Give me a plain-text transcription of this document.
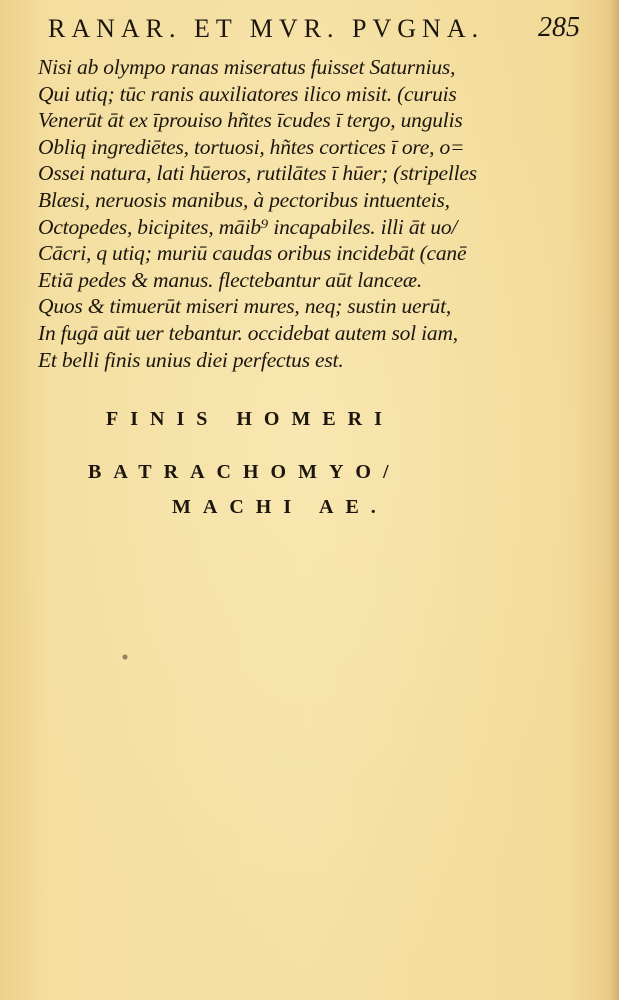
RANAR. ET MVR. PVGNA. 285
Nisi ab olympo ranas miseratus fuisset Saturnius,
Qui utiq; tūc ranis auxiliatores ilico misit. (curuis
Venerūt āt ex īprouiso hñtes īcudes ī tergo, ungulis
Obliq ingrediētes, tortuosi, hñtes cortices ī ore, o=
Ossei natura, lati hūeros, rutilātes ī hūer; (stripelles
Blæsi, neruosis manibus, à pectoribus intuenteis,
Octopedes, bicipites, māib⁹ incapabiles. illi āt uo/
Cācri, q utiq; muriū caudas oribus incidebāt (canē
Etiā pedes & manus. flectebantur aūt lanceæ.
Quos & timuerūt miseri mures, neq; sustin uerūt,
In fugā aūt uer tebantur. occidebat autem sol iam,
Et belli finis unius diei perfectus est.
FINIS HOMERI
BATRACHOMYO/
MACHI AE.
